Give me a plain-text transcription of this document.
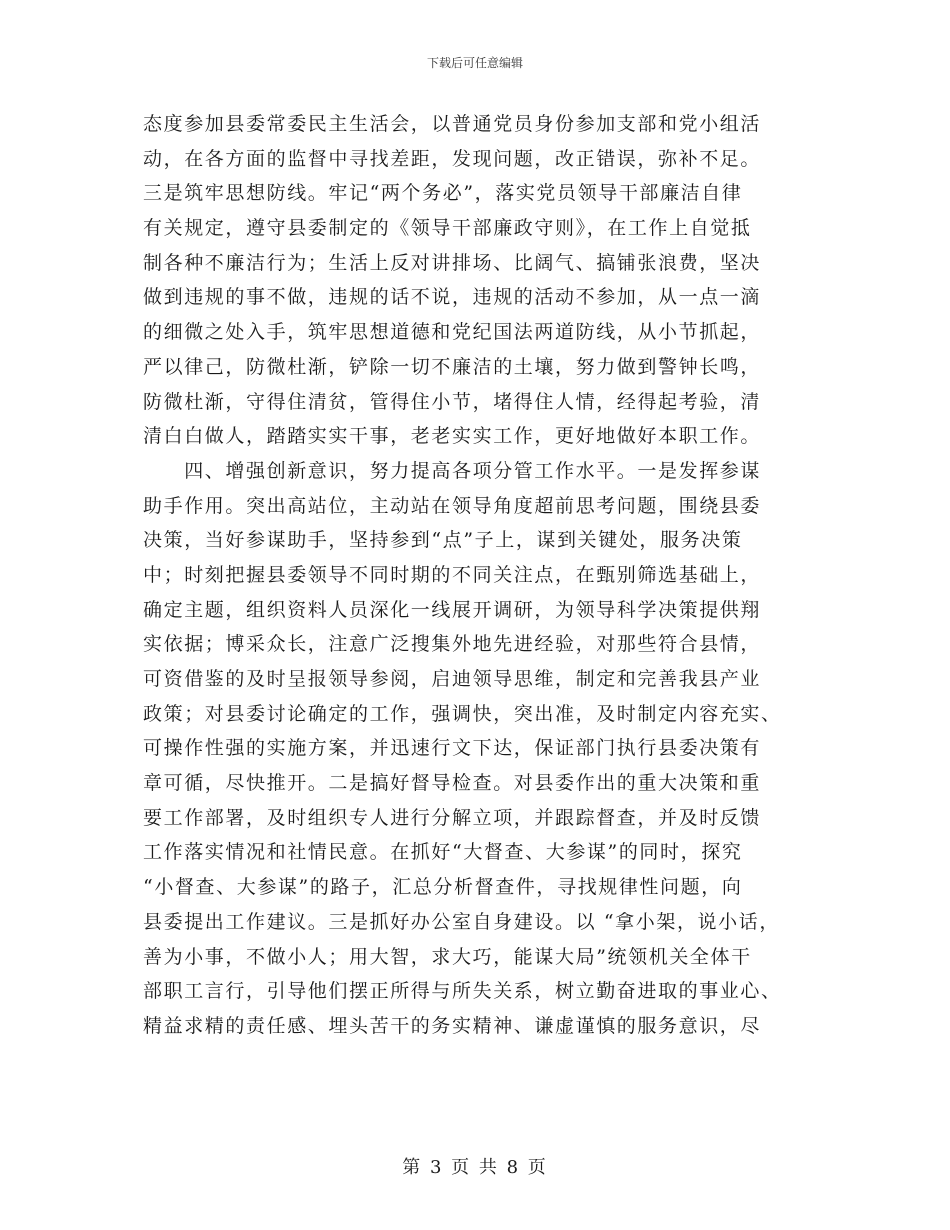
下载后可任意编辑
态度参加县委常委民主生活会，以普通党员身份参加支部和党小组活
动，在各方面的监督中寻找差距，发现问题，改正错误，弥补不足。
三是筑牢思想防线。牢记“两个务必”，落实党员领导干部廉洁自律
有关规定，遵守县委制定的《领导干部廉政守则》，在工作上自觉抵
制各种不廉洁行为；生活上反对讲排场、比阔气、搞铺张浪费，坚决
做到违规的事不做，违规的话不说，违规的活动不参加，从一点一滴
的细微之处入手，筑牢思想道德和党纪国法两道防线，从小节抓起，
严以律己，防微杜渐，铲除一切不廉洁的土壤，努力做到警钟长鸣，
防微杜渐，守得住清贫，管得住小节，堵得住人情，经得起考验，清
清白白做人，踏踏实实干事，老老实实工作，更好地做好本职工作。
　　四、增强创新意识，努力提高各项分管工作水平。一是发挥参谋
助手作用。突出高站位，主动站在领导角度超前思考问题，围绕县委
决策，当好参谋助手，坚持参到“点”子上，谋到关键处，服务决策
中；时刻把握县委领导不同时期的不同关注点，在甄别筛选基础上，
确定主题，组织资料人员深化一线展开调研，为领导科学决策提供翔
实依据；博采众长，注意广泛搜集外地先进经验，对那些符合县情，
可资借鉴的及时呈报领导参阅，启迪领导思维，制定和完善我县产业
政策；对县委讨论确定的工作，强调快，突出准，及时制定内容充实、
可操作性强的实施方案，并迅速行文下达，保证部门执行县委决策有
章可循，尽快推开。二是搞好督导检查。对县委作出的重大决策和重
要工作部署，及时组织专人进行分解立项，并跟踪督查，并及时反馈
工作落实情况和社情民意。在抓好“大督查、大参谋”的同时，探究
“小督查、大参谋”的路子，汇总分析督查件，寻找规律性问题，向
县委提出工作建议。三是抓好办公室自身建设。以 “拿小架，说小话，
善为小事，不做小人；用大智，求大巧，能谋大局”统领机关全体干
部职工言行，引导他们摆正所得与所失关系，树立勤奋进取的事业心、
精益求精的责任感、埋头苦干的务实精神、谦虚谨慎的服务意识，尽
第 3 页 共 8 页
